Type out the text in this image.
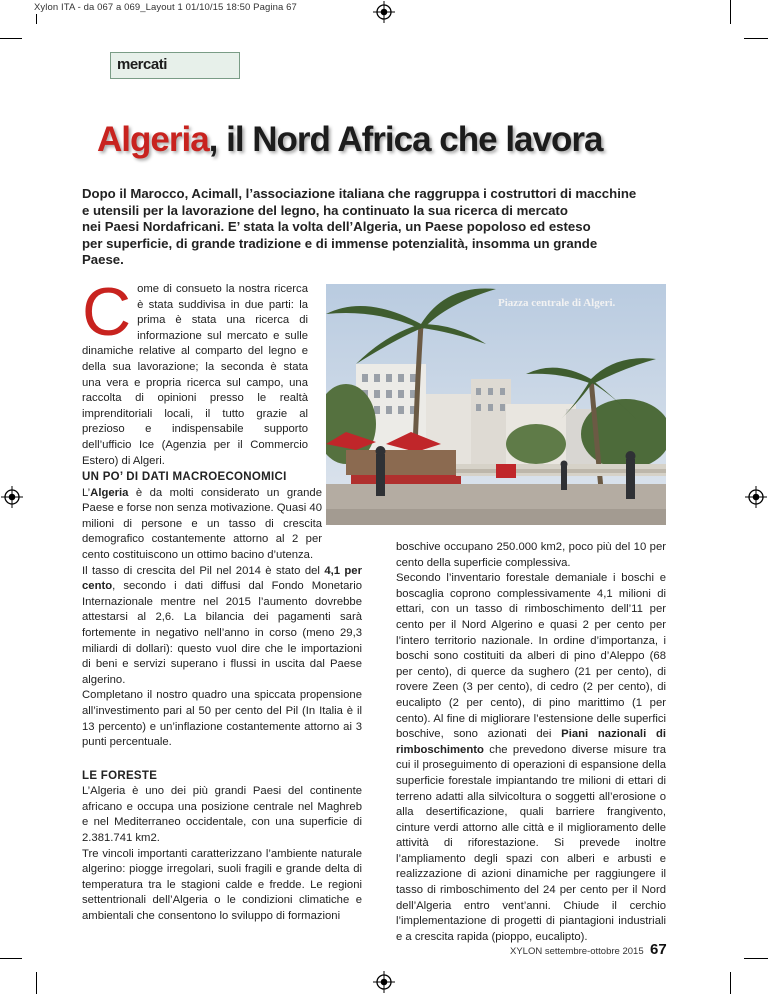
Xylon ITA - da 067 a 069_Layout 1 01/10/15 18:50 Pagina 67
mercati
Algeria, il Nord Africa che lavora
Dopo il Marocco, Acimall, l’associazione italiana che raggruppa i costruttori di macchine
e utensili per la lavorazione del legno, ha continuato la sua ricerca di mercato
nei Paesi Nordafricani. E’ stata la volta dell’Algeria, un Paese popoloso ed esteso
per superficie, di grande tradizione e di immense potenzialità, insomma un grande
Paese.

Come di consueto la nostra ricerca è stata suddivisa in due parti: la prima è stata una ricerca di informazione sul mercato e sulle dinamiche relative al comparto del legno e della sua lavorazione; la seconda è stata una vera e propria ricerca sul campo, una raccolta di opinioni presso le realtà imprenditoriali locali, il tutto grazie al prezioso e indispensabile supporto dell’ufficio Ice (Agenzia per il Commercio Estero) di Algeri.

Piazza centrale di Algeri.

UN PO’ DI DATI MACROECONOMICI

L’Algeria è da molti considerato un grande Paese e forse non senza motivazione. Quasi 40 milioni di persone e un tasso di crescita demografico costantemente attorno al 2 per cento costituiscono un ottimo bacino d’utenza.

Il tasso di crescita del Pil nel 2014 è stato del 4,1 per cento, secondo i dati diffusi dal Fondo Monetario Internazionale mentre nel 2015 l’aumento dovrebbe attestarsi al 2,6. La bilancia dei pagamenti sarà fortemente in negativo nell’anno in corso (meno 29,3 miliardi di dollari): questo vuol dire che le importazioni di beni e servizi superano i flussi in uscita dal Paese algerino.

Completano il nostro quadro una spiccata propensione all’investimento pari al 50 per cento del Pil (In Italia è il 13 percento) e un’inflazione costantemente attorno ai 3 punti percentuale.

LE FORESTE

L’Algeria è uno dei più grandi Paesi del continente africano e occupa una posizione centrale nel Maghreb e nel Mediterraneo occidentale, con una superficie di 2.381.741 km2.

Tre vincoli importanti caratterizzano l’ambiente naturale algerino: piogge irregolari, suoli fragili e grande delta di temperatura tra le stagioni calde e fredde. Le regioni settentrionali dell’Algeria o le condizioni climatiche e ambientali che consentono lo sviluppo di formazioni

boschive occupano 250.000 km2, poco più del 10 per cento della superficie complessiva.

Secondo l’inventario forestale demaniale i boschi e boscaglia coprono complessivamente 4,1 milioni di ettari, con un tasso di rimboschimento dell’11 per cento per il Nord Algerino e quasi 2 per cento per l’intero territorio nazionale. In ordine d’importanza, i boschi sono costituiti da alberi di pino d’Aleppo (68 per cento), di querce da sughero (21 per cento), di rovere Zeen (3 per cento), di cedro (2 per cento), di eucalipto (2 per cento), di pino marittimo (1 per cento). Al fine di migliorare l’estensione delle superfici boschive, sono azionati dei Piani nazionali di rimboschimento che prevedono diverse misure tra cui il proseguimento di operazioni di espansione della superficie forestale impiantando tre milioni di ettari di terreno adatti alla silvicoltura o soggetti all’erosione o alla desertificazione, quali barriere frangivento, cinture verdi attorno alle città e il miglioramento delle attività di riforestazione. Si prevede inoltre l’ampliamento degli spazi con alberi e arbusti e realizzazione di azioni dinamiche per raggiungere il tasso di rimboschimento del 24 per cento per il Nord dell’Algeria entro vent’anni. Chiude il cerchio l’implementazione di progetti di piantagioni industriali e a crescita rapida (pioppo, eucalipto).

XYLON settembre-ottobre 2015 67
